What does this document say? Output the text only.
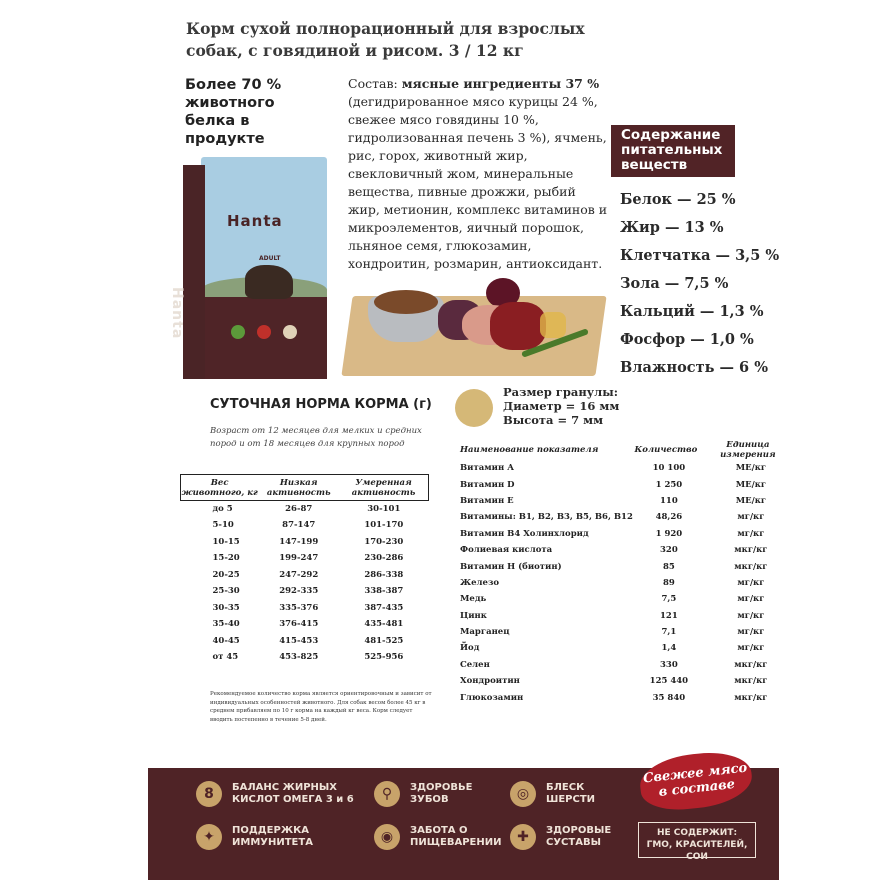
Корм сухой полнорационный для взрослых собак, с говядиной и рисом. 3 / 12 кг
Более 70 % животного белка в продукте
Hanta
ADULT
Hanta
Состав: мясные ингредиенты 37 % (дегидрированное мясо курицы 24 %, свежее мясо говядины 10 %, гидролизованная печень 3 %), ячмень, рис, горох, животный жир, свекловичный жом, минеральные вещества, пивные дрожжи, рыбий жир, метионин, комплекс витаминов и микроэлементов, яичный порошок, льняное семя, глюкозамин, хондроитин, розмарин, антиоксидант.
Содержание питательных веществ
Белок — 25 %
Жир — 13 %
Клетчатка — 3,5 %
Зола — 7,5 %
Кальций — 1,3 %
Фосфор — 1,0 %
Влажность — 6 %
Размер гранулы:
Диаметр = 16 мм
Высота = 7 мм
СУТОЧНАЯ НОРМА КОРМА (г)
Возраст от 12 месяцев для мелких и средних пород и от 18 месяцев для крупных пород
Вес животного, кг	Низкая активность	Умеренная активность
до 5	26-87	30-101
5-10	87-147	101-170
10-15	147-199	170-230
15-20	199-247	230-286
20-25	247-292	286-338
25-30	292-335	338-387
30-35	335-376	387-435
35-40	376-415	435-481
40-45	415-453	481-525
от 45	453-825	525-956
Рекомендуемое количество корма является ориентировочным и зависит от индивидуальных особенностей животного. Для собак весом более 45 кг в среднем прибавляем по 10 г корма на каждый кг веса. Корм следует вводить постепенно в течение 5-8 дней.
Наименование показателя	Количество	Единица измерения
Витамин А	10 100	МЕ/кг
Витамин D	1 250	МЕ/кг
Витамин Е	110	МЕ/кг
Витамины: В1, В2, В3, В5, В6, В12	48,26	мг/кг
Витамин В4 Холинхлорид	1 920	мг/кг
Фолиевая кислота	320	мкг/кг
Витамин Н (биотин)	85	мкг/кг
Железо	89	мг/кг
Медь	7,5	мг/кг
Цинк	121	мг/кг
Марганец	7,1	мг/кг
Йод	1,4	мг/кг
Селен	330	мкг/кг
Хондроитин	125 440	мкг/кг
Глюкозамин	35 840	мкг/кг
8	БАЛАНС ЖИРНЫХ
КИСЛОТ ОМЕГА 3 и 6	⚲	ЗДОРОВЬЕ
ЗУБОВ	◎	БЛЕСК
ШЕРСТИ
✦	ПОДДЕРЖКА
ИММУНИТЕТА	◉	ЗАБОТА О
ПИЩЕВАРЕНИИ	✚	ЗДОРОВЫЕ
СУСТАВЫ
Свежее мясо в составе
НЕ СОДЕРЖИТ: ГМО, КРАСИТЕЛЕЙ, СОИ
